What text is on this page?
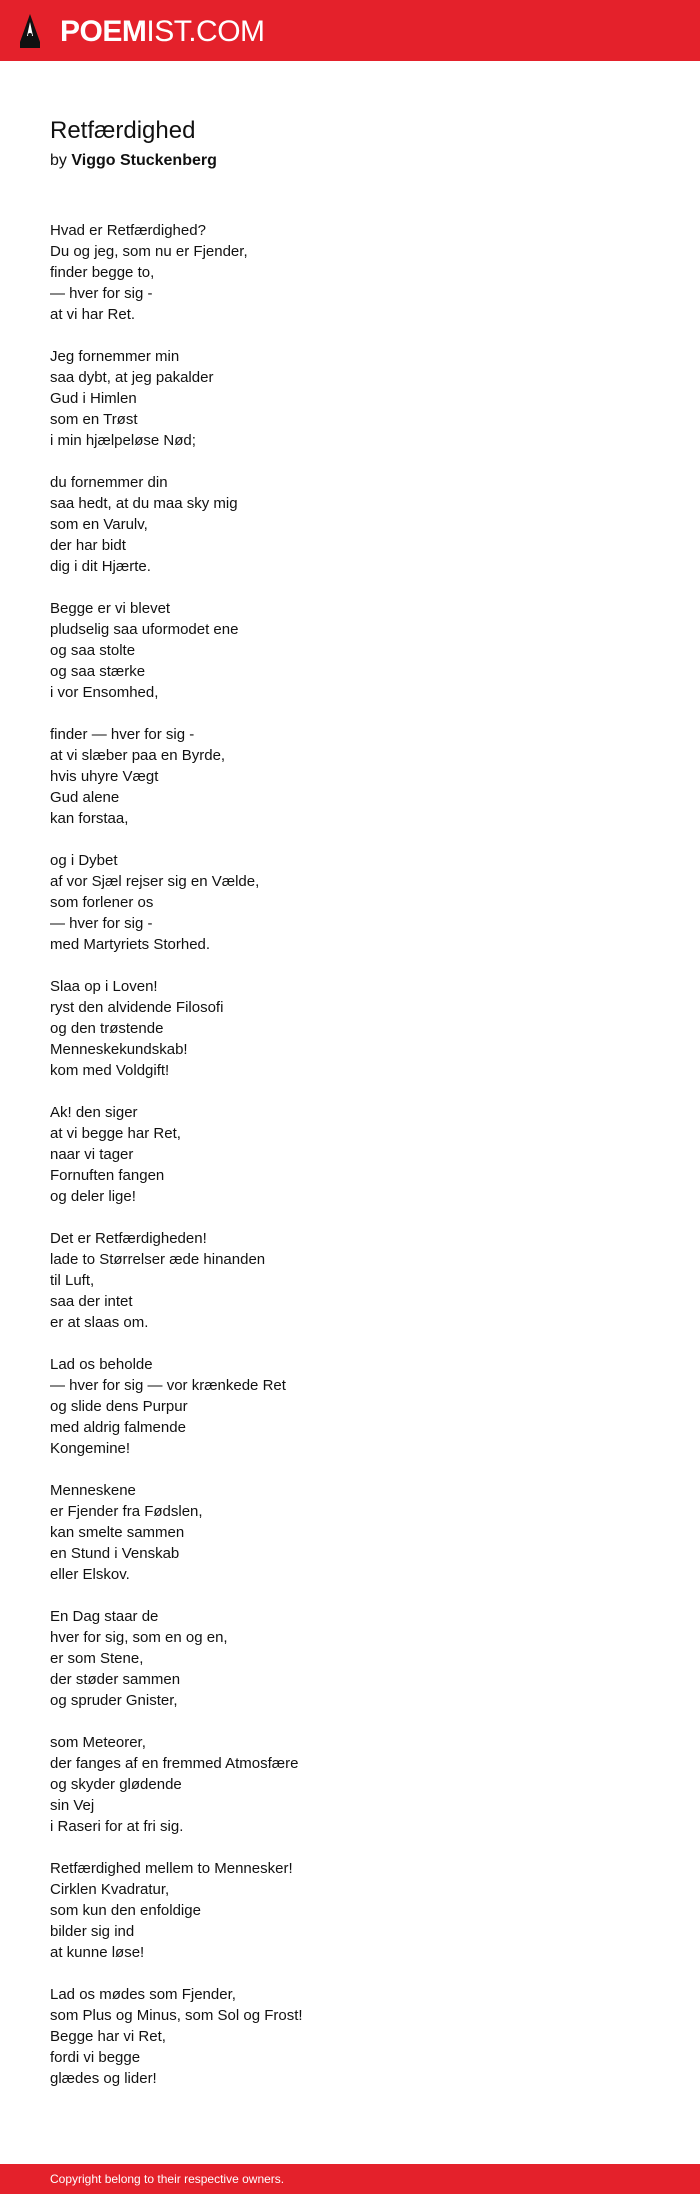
POEMIST.COM
Retfærdighed
by Viggo Stuckenberg
Hvad er Retfærdighed?
Du og jeg, som nu er Fjender,
finder begge to,
— hver for sig -
at vi har Ret.
Jeg fornemmer min
saa dybt, at jeg pakalder
Gud i Himlen
som en Trøst
i min hjælpeløse Nød;
du fornemmer din
saa hedt, at du maa sky mig
som en Varulv,
der har bidt
dig i dit Hjærte.
Begge er vi blevet
pludselig saa uformodet ene
og saa stolte
og saa stærke
i vor Ensomhed,
finder — hver for sig -
at vi slæber paa en Byrde,
hvis uhyre Vægt
Gud alene
kan forstaa,
og i Dybet
af vor Sjæl rejser sig en Vælde,
som forlener os
— hver for sig -
med Martyriets Storhed.
Slaa op i Loven!
ryst den alvidende Filosofi
og den trøstende
Menneskekundskab!
kom med Voldgift!
Ak! den siger
at vi begge har Ret,
naar vi tager
Fornuften fangen
og deler lige!
Det er Retfærdigheden!
lade to Størrelser æde hinanden
til Luft,
saa der intet
er at slaas om.
Lad os beholde
— hver for sig — vor krænkede Ret
og slide dens Purpur
med aldrig falmende
Kongemine!
Menneskene
er Fjender fra Fødslen,
kan smelte sammen
en Stund i Venskab
eller Elskov.
En Dag staar de
hver for sig, som en og en,
er som Stene,
der støder sammen
og spruder Gnister,
som Meteorer,
der fanges af en fremmed Atmosfære
og skyder glødende
sin Vej
i Raseri for at fri sig.
Retfærdighed mellem to Mennesker!
Cirklen Kvadratur,
som kun den enfoldige
bilder sig ind
at kunne løse!
Lad os mødes som Fjender,
som Plus og Minus, som Sol og Frost!
Begge har vi Ret,
fordi vi begge
glædes og lider!
Copyright belong to their respective owners.
